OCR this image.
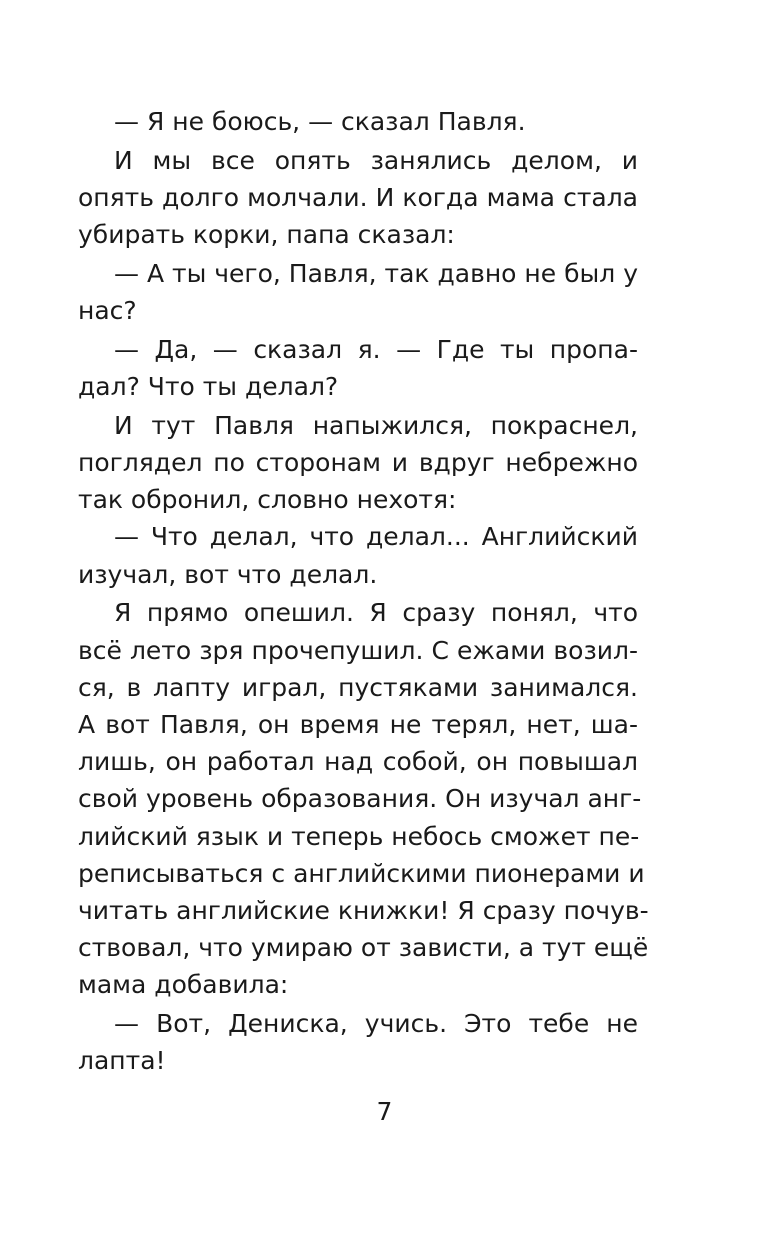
— Я не боюсь, — сказал Павля.
И мы все опять занялись делом, и
опять долго молчали. И когда мама стала
убирать корки, папа сказал:
— А ты чего, Павля, так давно не был у
нас?
— Да, — сказал я. — Где ты пропа-
дал? Что ты делал?
И тут Павля напыжился, покраснел,
поглядел по сторонам и вдруг небрежно
так обронил, словно нехотя:
— Что делал, что делал... Английский
изучал, вот что делал.
Я прямо опешил. Я сразу понял, что
всё лето зря прочепушил. С ежами возил-
ся, в лапту играл, пустяками занимался.
А вот Павля, он время не терял, нет, ша-
лишь, он работал над собой, он повышал
свой уровень образования. Он изучал анг-
лийский язык и теперь небось сможет пе-
реписываться с английскими пионерами и
читать английские книжки! Я сразу почув-
ствовал, что умираю от зависти, а тут ещё
мама добавила:
— Вот, Дениска, учись. Это тебе не
лапта!
7
